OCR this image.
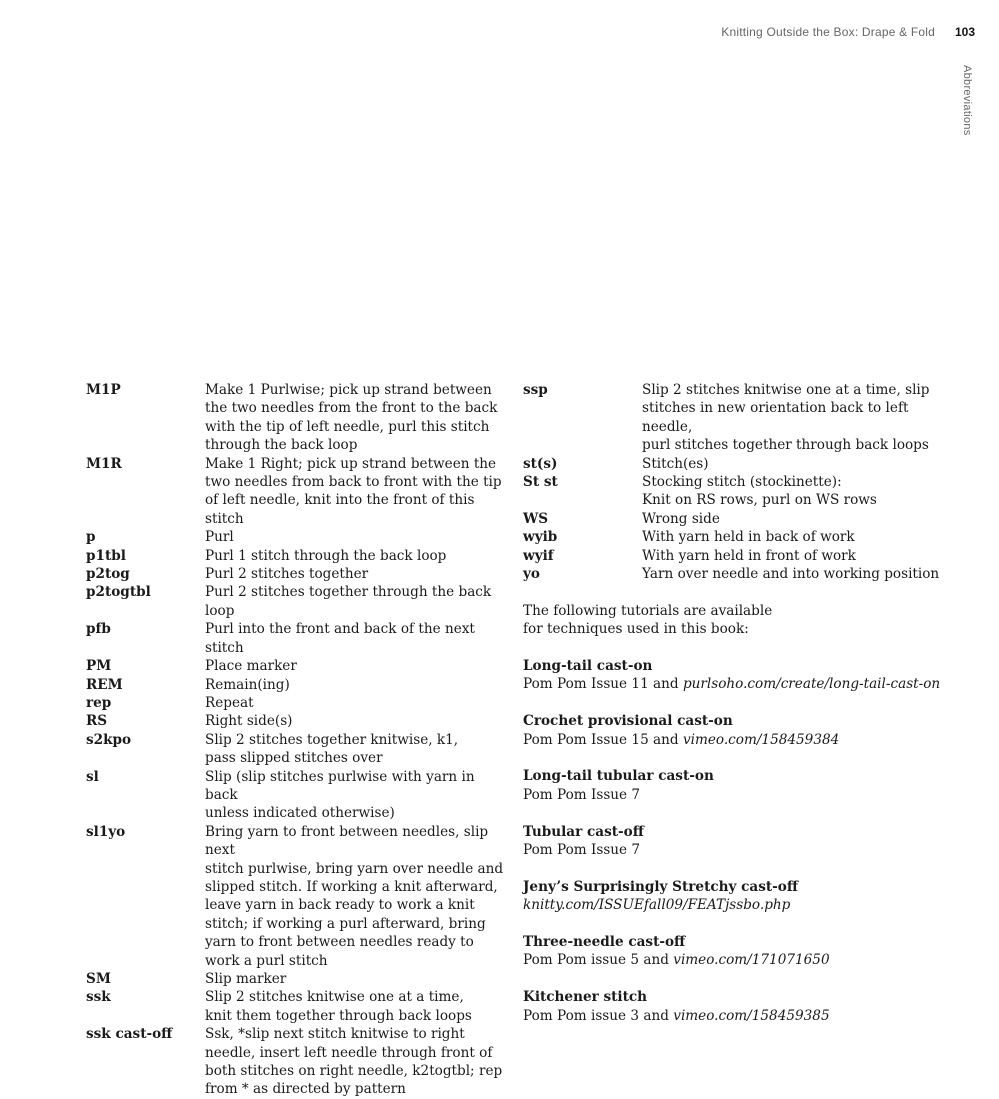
Knitting Outside the Box: Drape & Fold 103
Abbreviations
M1P	Make 1 Purlwise; pick up strand between
the two needles from the front to the back
with the tip of left needle, purl this stitch
through the back loop
M1R	Make 1 Right; pick up strand between the
two needles from back to front with the tip
of left needle, knit into the front of this stitch
p	Purl
p1tbl	Purl 1 stitch through the back loop
p2tog	Purl 2 stitches together
p2togtbl	Purl 2 stitches together through the back loop
pfb	Purl into the front and back of the next stitch
PM	Place marker
REM	Remain(ing)
rep	Repeat
RS	Right side(s)
s2kpo	Slip 2 stitches together knitwise, k1,
pass slipped stitches over
sl	Slip (slip stitches purlwise with yarn in back
unless indicated otherwise)
sl1yo	Bring yarn to front between needles, slip next
stitch purlwise, bring yarn over needle and
slipped stitch. If working a knit afterward,
leave yarn in back ready to work a knit
stitch; if working a purl afterward, bring
yarn to front between needles ready to
work a purl stitch
SM	Slip marker
ssk	Slip 2 stitches knitwise one at a time,
knit them together through back loops
ssk cast-off	Ssk, *slip next stitch knitwise to right
needle, insert left needle through front of
both stitches on right needle, k2togtbl; rep
from * as directed by pattern
ssp	Slip 2 stitches knitwise one at a time, slip
stitches in new orientation back to left needle,
purl stitches together through back loops
st(s)	Stitch(es)
St st	Stocking stitch (stockinette):
Knit on RS rows, purl on WS rows
WS	Wrong side
wyib	With yarn held in back of work
wyif	With yarn held in front of work
yo	Yarn over needle and into working position
The following tutorials are available
for techniques used in this book:
Long-tail cast-on
Pom Pom Issue 11 and purlsoho.com/create/long-tail-cast-on
Crochet provisional cast-on
Pom Pom Issue 15 and vimeo.com/158459384
Long-tail tubular cast-on
Pom Pom Issue 7
Tubular cast-off
Pom Pom Issue 7
Jeny’s Surprisingly Stretchy cast-off
knitty.com/ISSUEfall09/FEATjssbo.php
Three-needle cast-off
Pom Pom issue 5 and vimeo.com/171071650
Kitchener stitch
Pom Pom issue 3 and vimeo.com/158459385
